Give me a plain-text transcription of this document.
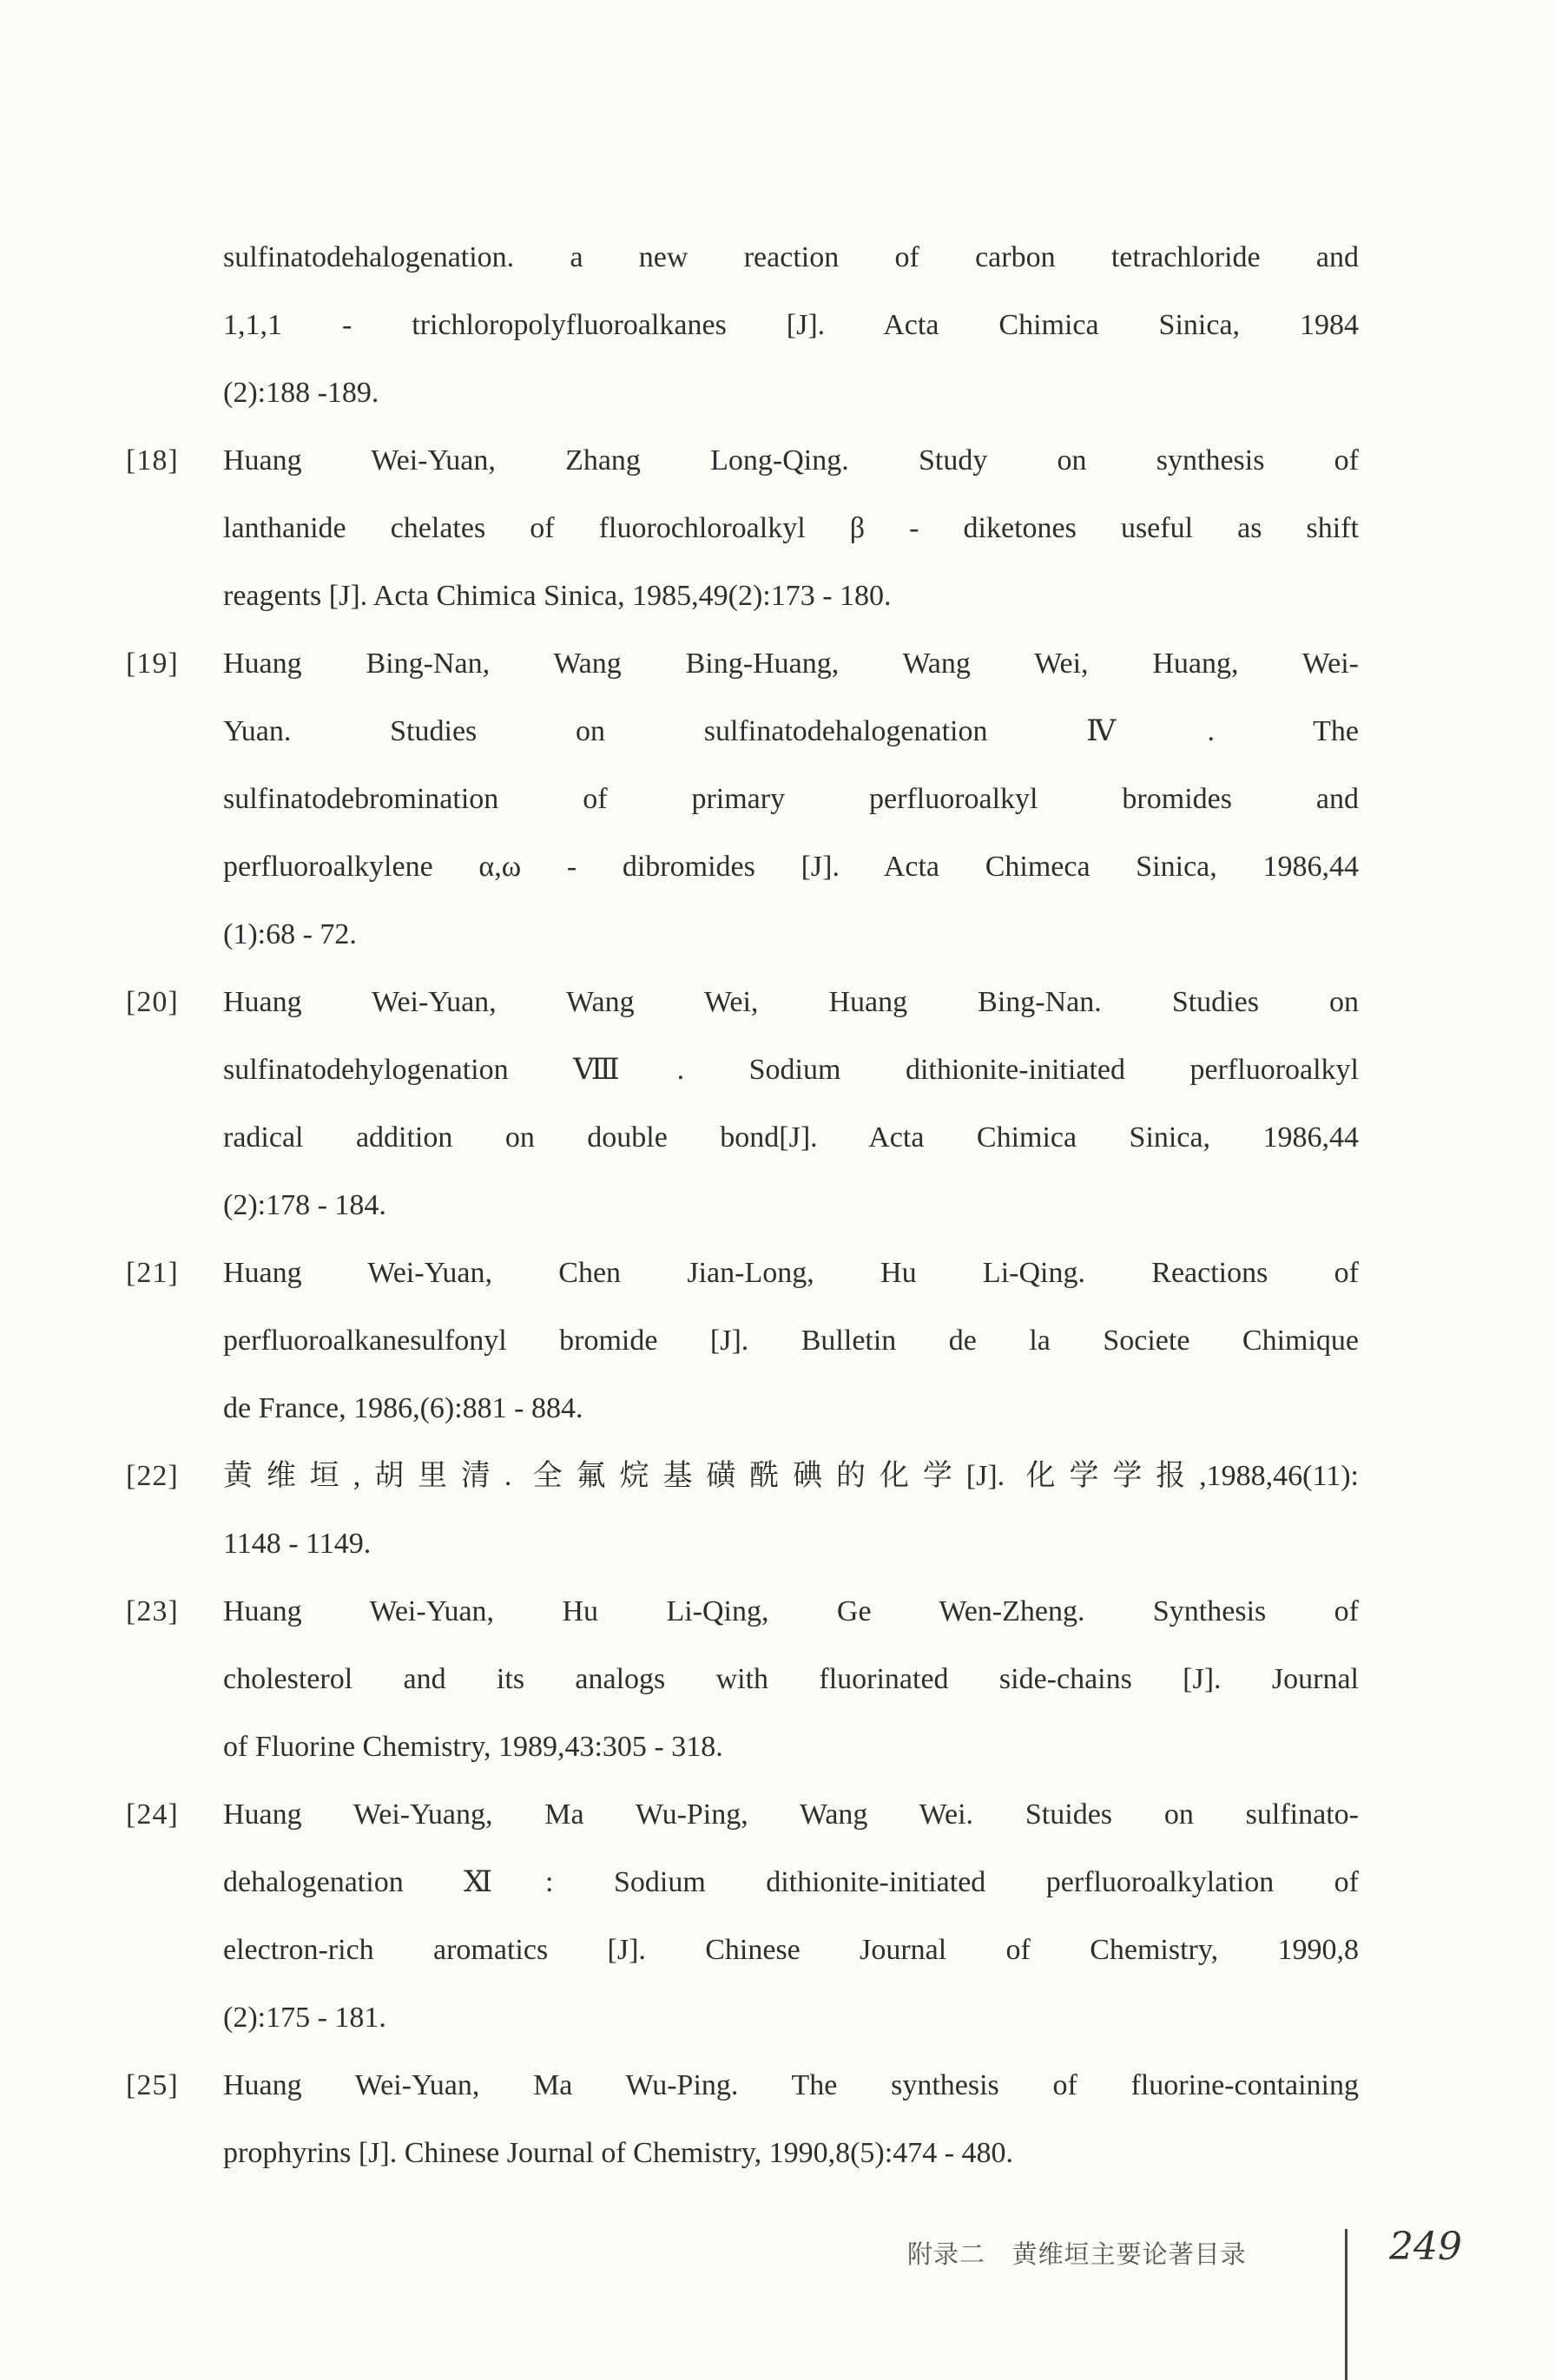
sulfinatodehalogenation. a new reaction of carbon tetrachloride and
1,1,1 - trichloropolyfluoroalkanes [J]. Acta Chimica Sinica, 1984
(2):188 -189.
[18]	Huang Wei-Yuan, Zhang Long-Qing. Study on synthesis of
lanthanide chelates of fluorochloroalkyl β - diketones useful as shift
reagents [J]. Acta Chimica Sinica, 1985,49(2):173 - 180.
[19]	Huang Bing-Nan, Wang Bing-Huang, Wang Wei, Huang, Wei-
Yuan. Studies on sulfinatodehalogenation Ⅳ. The
sulfinatodebromination of primary perfluoroalkyl bromides and
perfluoroalkylene α,ω - dibromides [J]. Acta Chimeca Sinica, 1986,44
(1):68 - 72.
[20]	Huang Wei-Yuan, Wang Wei, Huang Bing-Nan. Studies on
sulfinatodehylogenation Ⅷ. Sodium dithionite-initiated perfluoroalkyl
radical addition on double bond[J]. Acta Chimica Sinica, 1986,44
(2):178 - 184.
[21]	Huang Wei-Yuan, Chen Jian-Long, Hu Li-Qing. Reactions of
perfluoroalkanesulfonyl bromide [J]. Bulletin de la Societe Chimique
de France, 1986,(6):881 - 884.
[22]	黄维垣,胡里清. 全氟烷基磺酰碘的化学[J]. 化学学报,1988,46(11):
1148 - 1149.
[23]	Huang Wei-Yuan, Hu Li-Qing, Ge Wen-Zheng. Synthesis of
cholesterol and its analogs with fluorinated side-chains [J]. Journal
of Fluorine Chemistry, 1989,43:305 - 318.
[24]	Huang Wei-Yuang, Ma Wu-Ping, Wang Wei. Stuides on sulfinato-
dehalogenation Ⅺ: Sodium dithionite-initiated perfluoroalkylation of
electron-rich aromatics [J]. Chinese Journal of Chemistry, 1990,8
(2):175 - 181.
[25]	Huang Wei-Yuan, Ma Wu-Ping. The synthesis of fluorine-containing
prophyrins [J]. Chinese Journal of Chemistry, 1990,8(5):474 - 480.
附录二   黄维垣主要论著目录	249
